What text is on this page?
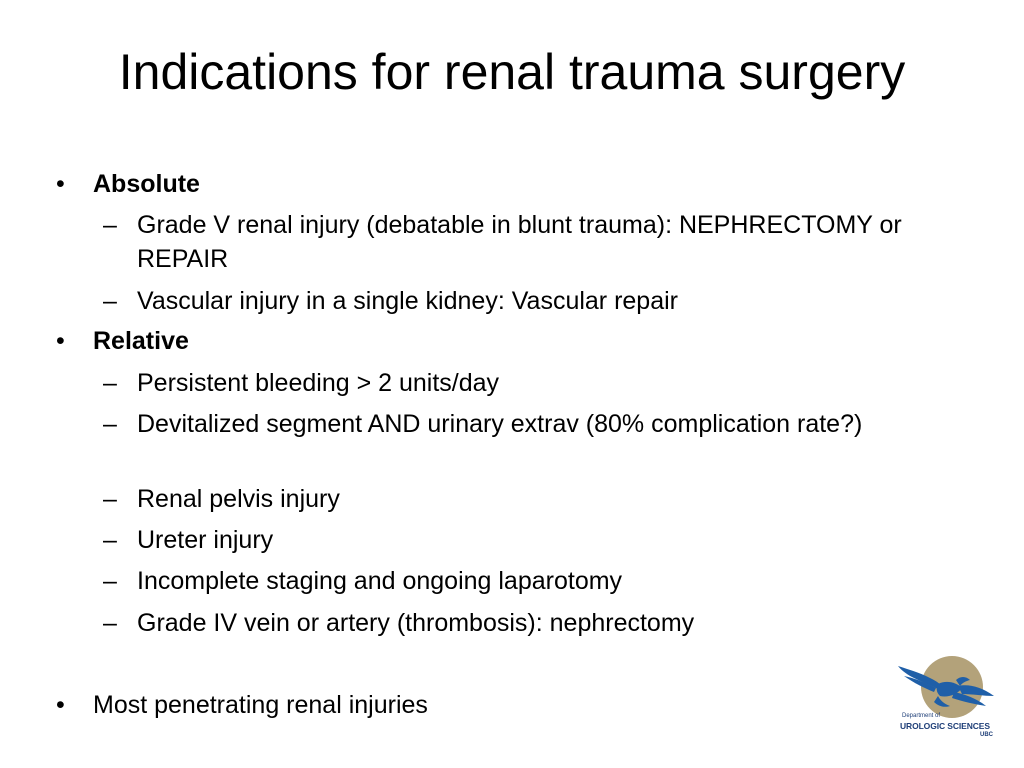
Indications for renal trauma surgery
•	Absolute
– Grade V renal injury (debatable in blunt trauma): NEPHRECTOMY or REPAIR
– Vascular injury in a single kidney: Vascular repair
•	Relative
– Persistent bleeding > 2 units/day
– Devitalized segment AND urinary extrav (80% complication rate?)
– Renal pelvis injury
– Ureter injury
– Incomplete staging and ongoing laparotomy
– Grade IV vein or artery (thrombosis): nephrectomy
•	Most penetrating renal injuries	Department of
UROLOGIC SCIENCES
UBC
